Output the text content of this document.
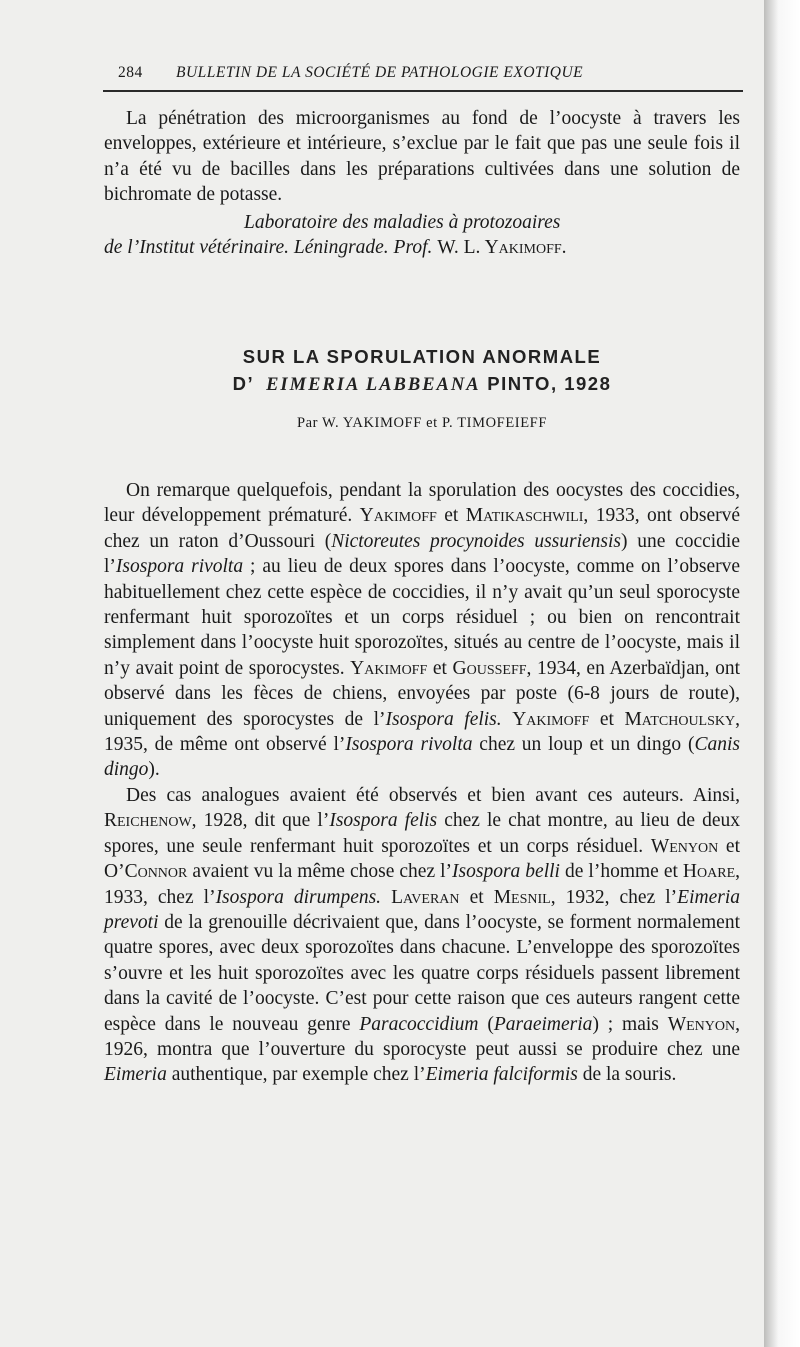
284 BULLETIN DE LA SOCIÉTÉ DE PATHOLOGIE EXOTIQUE

La pénétration des microorganismes au fond de l’oocyste à travers les enveloppes, extérieure et intérieure, s’exclue par le fait que pas une seule fois il n’a été vu de bacilles dans les préparations cultivées dans une solution de bichromate de potasse.

Laboratoire des maladies à protozoaires
de l’Institut vétérinaire. Léningrade. Prof. W. L. Yakimoff.
SUR LA SPORULATION ANORMALE
D’ EIMERIA LABBEANA PINTO, 1928
Par W. YAKIMOFF et P. TIMOFEIEFF

On remarque quelquefois, pendant la sporulation des oocystes des coccidies, leur développement prématuré. Yakimoff et Matikaschwili, 1933, ont observé chez un raton d’Oussouri (Nictoreutes procynoides ussuriensis) une coccidie l’Isospora rivolta ; au lieu de deux spores dans l’oocyste, comme on l’observe habituellement chez cette espèce de coccidies, il n’y avait qu’un seul sporocyste renfermant huit sporozoïtes et un corps résiduel ; ou bien on rencontrait simplement dans l’oocyste huit sporozoïtes, situés au centre de l’oocyste, mais il n’y avait point de sporocystes. Yakimoff et Gousseff, 1934, en Azerbaïdjan, ont observé dans les fèces de chiens, envoyées par poste (6-8 jours de route), uniquement des sporocystes de l’Isospora felis. Yakimoff et Matchoulsky, 1935, de même ont observé l’Isospora rivolta chez un loup et un dingo (Canis dingo).

Des cas analogues avaient été observés et bien avant ces auteurs. Ainsi, Reichenow, 1928, dit que l’Isospora felis chez le chat montre, au lieu de deux spores, une seule renfermant huit sporozoïtes et un corps résiduel. Wenyon et O’Connor avaient vu la même chose chez l’Isospora belli de l’homme et Hoare, 1933, chez l’Isospora dirumpens. Laveran et Mesnil, 1932, chez l’Eimeria prevoti de la grenouille décrivaient que, dans l’oocyste, se forment normalement quatre spores, avec deux sporozoïtes dans chacune. L’enveloppe des sporozoïtes s’ouvre et les huit sporozoïtes avec les quatre corps résiduels passent librement dans la cavité de l’oocyste. C’est pour cette raison que ces auteurs rangent cette espèce dans le nouveau genre Paracoccidium (Paraeimeria) ; mais Wenyon, 1926, montra que l’ouverture du sporocyste peut aussi se produire chez une Eimeria authentique, par exemple chez l’Eimeria falciformis de la souris.
